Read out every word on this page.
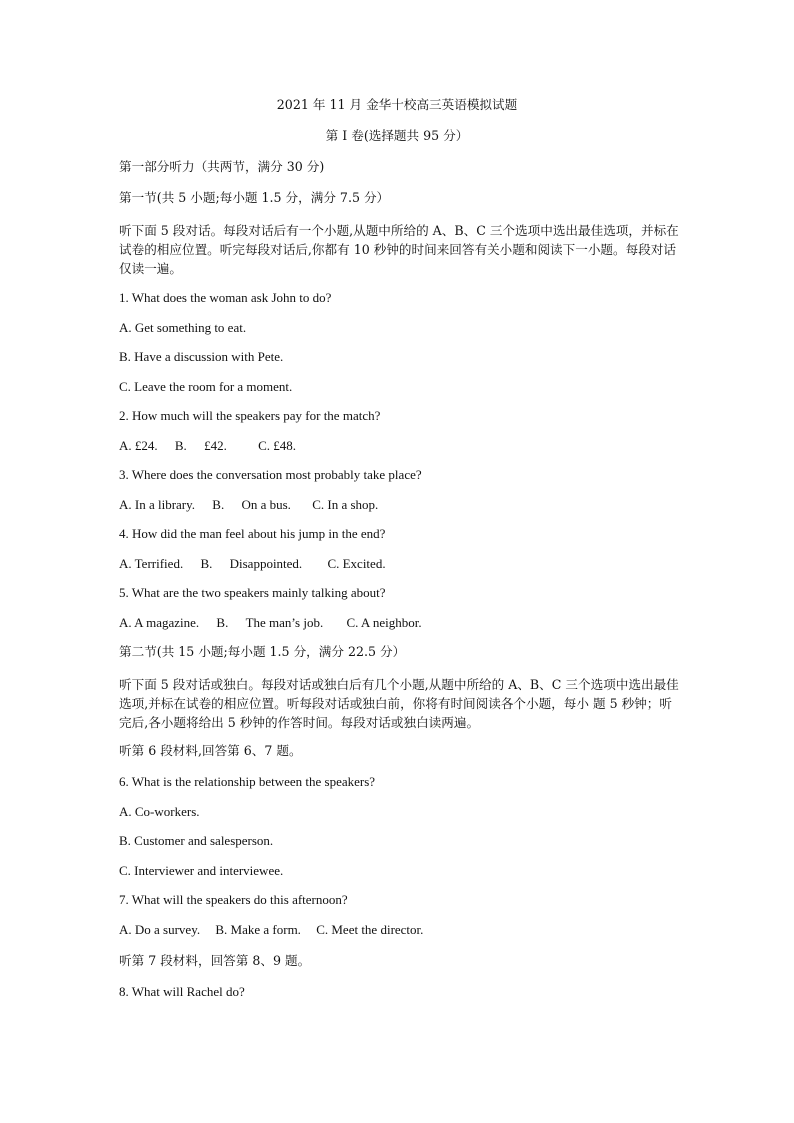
2021 年 11 月 金华十校高三英语模拟试题
第 I 卷(选择题共 95 分）
第一部分听力（共两节，满分 30 分)
第一节(共 5 小题;每小题 1.5 分，满分 7.5 分）
听下面 5 段对话。每段对话后有一个小题,从题中所给的 A、B、C 三个选项中选出最佳选项，并标在试卷的相应位置。听完每段对话后,你都有 10 秒钟的时间来回答有关小题和阅读下一小题。每段对话仅读一遍。
1. What does the woman ask John to do?
A. Get something to eat.
B. Have a discussion with Pete.
C. Leave the room for a moment.
2. How much will the speakers pay for the match?
A. £24. B. £42. C. £48.
3. Where does the conversation most probably take place?
A. In a library. B. On a bus. C. In a shop.
4. How did the man feel about his jump in the end?
A. Terrified. B. Disappointed. C. Excited.
5. What are the two speakers mainly talking about?
A. A magazine. B. The man’s job. C. A neighbor.
第二节(共 15 小题;每小题 1.5 分，满分 22.5 分）
听下面 5 段对话或独白。每段对话或独白后有几个小题,从题中所给的 A、B、C 三个选项中选出最佳选项,并标在试卷的相应位置。听每段对话或独白前，你将有时间阅读各个小题，每小 题 5 秒钟；听完后,各小题将给出 5 秒钟的作答时间。每段对话或独白读两遍。
听第 6 段材料,回答第 6、7 题。
6. What is the relationship between the speakers?
A. Co-workers.
B. Customer and salesperson.
C. Interviewer and interviewee.
7. What will the speakers do this afternoon?
A. Do a survey. B. Make a form. C. Meet the director.
听第 7 段材料，回答第 8、9 题。
8. What will Rachel do?
